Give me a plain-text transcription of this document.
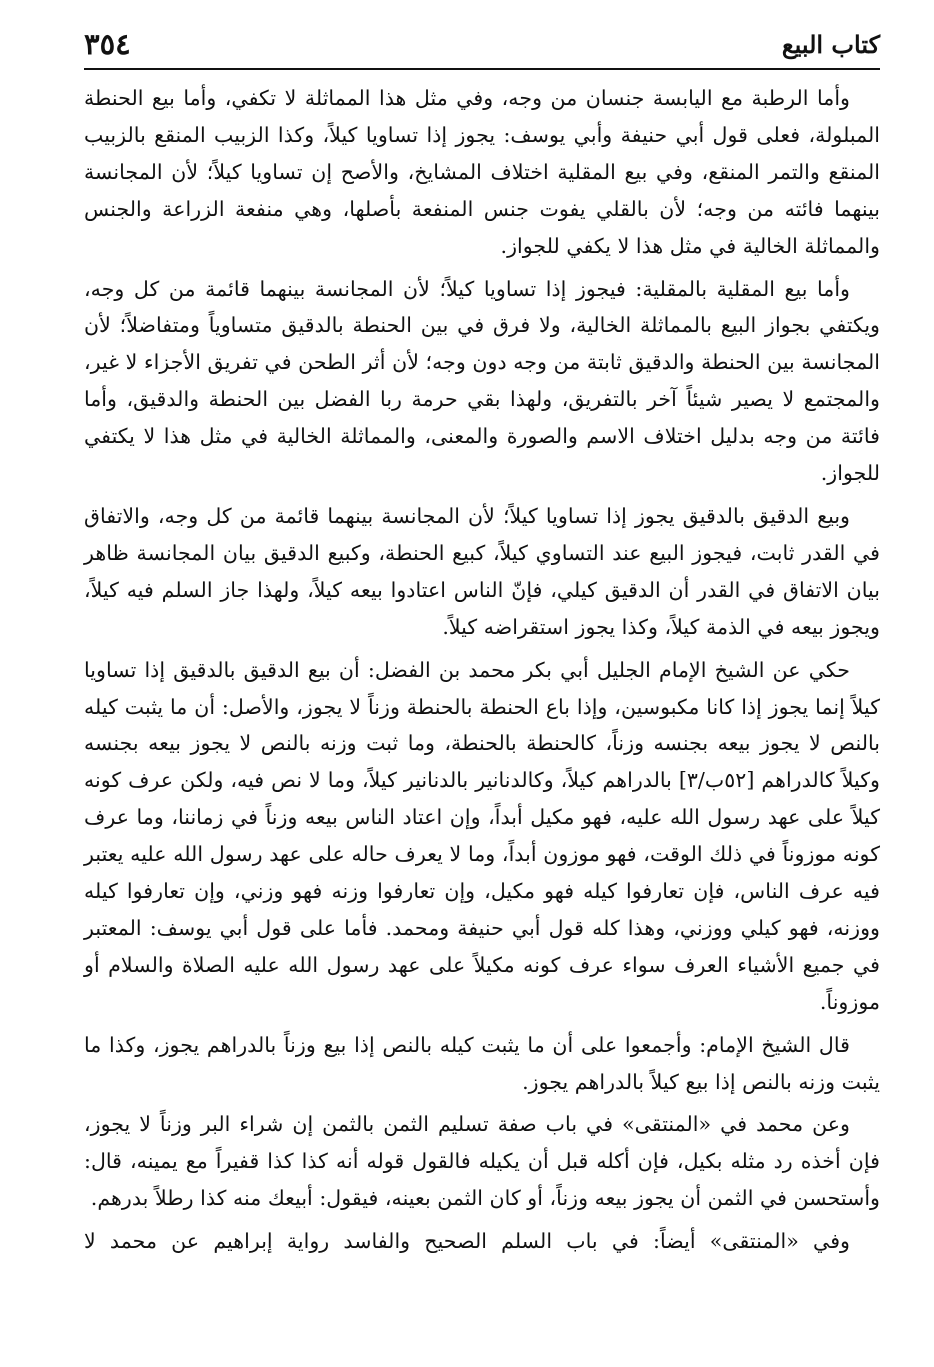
كتاب البيع
٣٥٤

وأما الرطبة مع اليابسة جنسان من وجه، وفي مثل هذا المماثلة لا تكفي، وأما بيع الحنطة المبلولة، فعلى قول أبي حنيفة وأبي يوسف: يجوز إذا تساويا كيلاً، وكذا الزبيب المنقع بالزبيب المنقع والتمر المنقع، وفي بيع المقلية اختلاف المشايخ، والأصح إن تساويا كيلاً؛ لأن المجانسة بينهما فائته من وجه؛ لأن بالقلي يفوت جنس المنفعة بأصلها، وهي منفعة الزراعة والجنس والمماثلة الخالية في مثل هذا لا يكفي للجواز.

وأما بيع المقلية بالمقلية: فيجوز إذا تساويا كيلاً؛ لأن المجانسة بينهما قائمة من كل وجه، ويكتفي بجواز البيع بالمماثلة الخالية، ولا فرق في بين الحنطة بالدقيق متساوياً ومتفاضلاً؛ لأن المجانسة بين الحنطة والدقيق ثابتة من وجه دون وجه؛ لأن أثر الطحن في تفريق الأجزاء لا غير، والمجتمع لا يصير شيئاً آخر بالتفريق، ولهذا بقي حرمة ربا الفضل بين الحنطة والدقيق، وأما فائتة من وجه بدليل اختلاف الاسم والصورة والمعنى، والمماثلة الخالية في مثل هذا لا يكتفي للجواز.

وبيع الدقيق بالدقيق يجوز إذا تساويا كيلاً؛ لأن المجانسة بينهما قائمة من كل وجه، والاتفاق في القدر ثابت، فيجوز البيع عند التساوي كيلاً، كبيع الحنطة، وكبيع الدقيق بيان المجانسة ظاهر بيان الاتفاق في القدر أن الدقيق كيلي، فإنّ الناس اعتادوا بيعه كيلاً، ولهذا جاز السلم فيه كيلاً، ويجوز بيعه في الذمة كيلاً، وكذا يجوز استقراضه كيلاً.

حكي عن الشيخ الإمام الجليل أبي بكر محمد بن الفضل: أن بيع الدقيق بالدقيق إذا تساويا كيلاً إنما يجوز إذا كانا مكبوسين، وإذا باع الحنطة بالحنطة وزناً لا يجوز، والأصل: أن ما يثبت كيله بالنص لا يجوز بيعه بجنسه وزناً، كالحنطة بالحنطة، وما ثبت وزنه بالنص لا يجوز بيعه بجنسه وكيلاً كالدراهم [٥٢ب/٣] بالدراهم كيلاً، وكالدنانير بالدنانير كيلاً، وما لا نص فيه، ولكن عرف كونه كيلاً على عهد رسول الله عليه، فهو مكيل أبداً، وإن اعتاد الناس بيعه وزناً في زماننا، وما عرف كونه موزوناً في ذلك الوقت، فهو موزون أبداً، وما لا يعرف حاله على عهد رسول الله عليه يعتبر فيه عرف الناس، فإن تعارفوا كيله فهو مكيل، وإن تعارفوا وزنه فهو وزني، وإن تعارفوا كيله ووزنه، فهو كيلي ووزني، وهذا كله قول أبي حنيفة ومحمد. فأما على قول أبي يوسف: المعتبر في جميع الأشياء العرف سواء عرف كونه مكيلاً على عهد رسول الله عليه الصلاة والسلام أو موزوناً.

قال الشيخ الإمام: وأجمعوا على أن ما يثبت كيله بالنص إذا بيع وزناً بالدراهم يجوز، وكذا ما يثبت وزنه بالنص إذا بيع كيلاً بالدراهم يجوز.

وعن محمد في «المنتقى» في باب صفة تسليم الثمن بالثمن إن شراء البر وزناً لا يجوز، فإن أخذه رد مثله بكيل، فإن أكله قبل أن يكيله فالقول قوله أنه كذا كذا قفيراً مع يمينه، قال: وأستحسن في الثمن أن يجوز بيعه وزناً، أو كان الثمن بعينه، فيقول: أبيعك منه كذا رطلاً بدرهم.

وفي «المنتقى» أيضاً: في باب السلم الصحيح والفاسد رواية إبراهيم عن محمد لا
